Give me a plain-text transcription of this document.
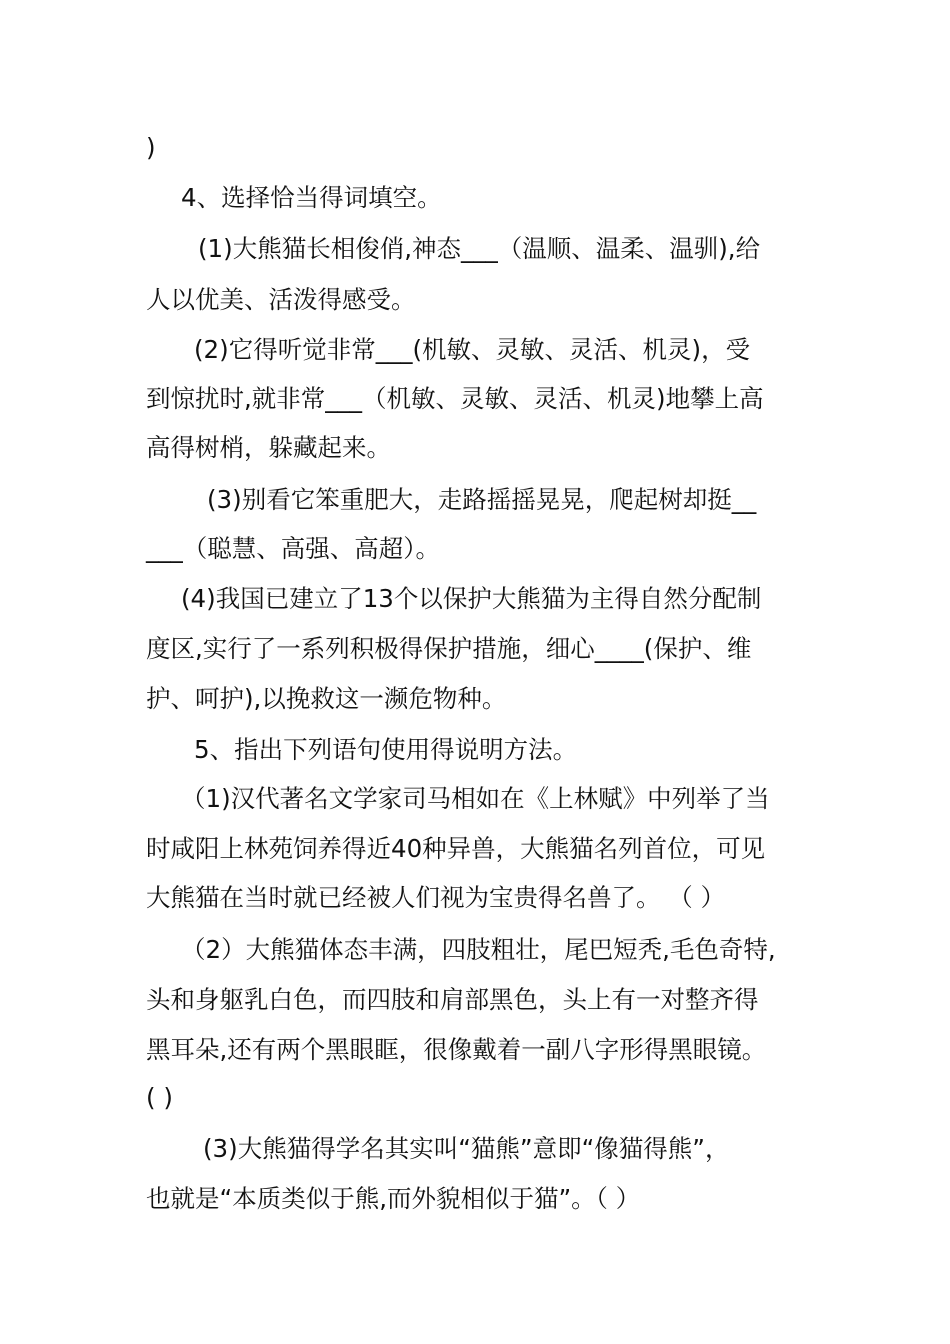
)
4、选择恰当得词填空。
(1)大熊猫长相俊俏,神态___（温顺、温柔、温驯),给
人以优美、活泼得感受。
(2)它得听觉非常___(机敏、灵敏、灵活、机灵)，受
到惊扰时,就非常___（机敏、灵敏、灵活、机灵)地攀上高
高得树梢，躲藏起来。
(3)别看它笨重肥大，走路摇摇晃晃，爬起树却挺__
___（聪慧、高强、高超）。
(4)我国已建立了13个以保护大熊猫为主得自然分配制
度区,实行了一系列积极得保护措施，细心____(保护、维
护、呵护),以挽救这一濒危物种。
5、指出下列语句使用得说明方法。
（1)汉代著名文学家司马相如在《上林赋》中列举了当
时咸阳上林苑饲养得近40种异兽，大熊猫名列首位，可见
大熊猫在当时就已经被人们视为宝贵得名兽了。 （ ）
（2）大熊猫体态丰满，四肢粗壮，尾巴短秃,毛色奇特,
头和身躯乳白色，而四肢和肩部黑色，头上有一对整齐得
黑耳朵,还有两个黑眼眶，很像戴着一副八字形得黑眼镜。
( )
(3)大熊猫得学名其实叫“猫熊”意即“像猫得熊”，
也就是“本质类似于熊,而外貌相似于猫”。（ ）
